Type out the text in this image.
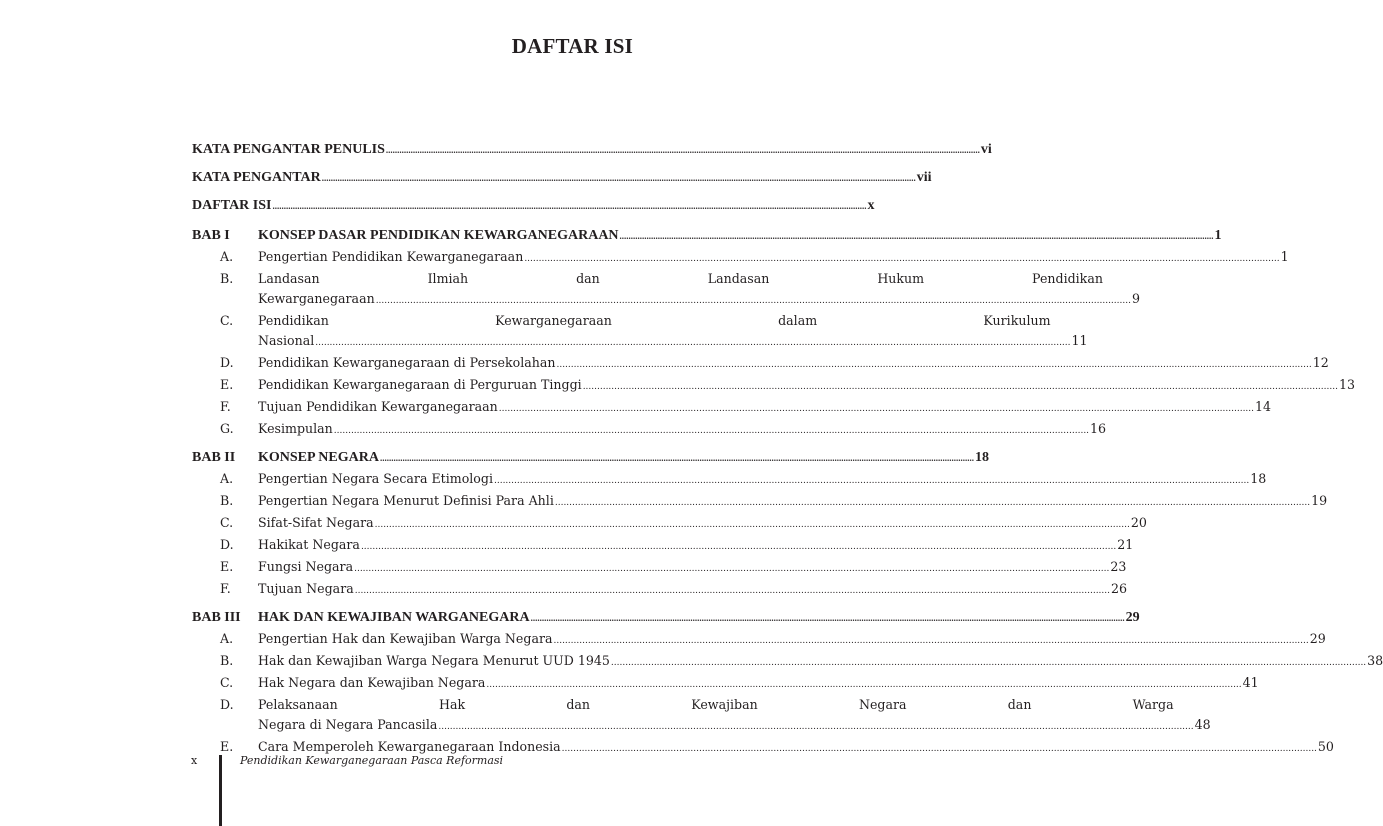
DAFTAR ISI
KATA PENGANTAR PENULIS .....	vi
KATA PENGANTAR .....	vii
DAFTAR ISI .....	x
BAB I	KONSEP DASAR PENDIDIKAN KEWARGANEGARAAN .....	1
A.	Pengertian Pendidikan Kewarganegaraan .....	1
B.	Landasan	Ilmiah	dan	Landasan	Hukum	Pendidikan
Kewarganegaraan .....	9
C.	Pendidikan	Kewarganegaraan	dalam	Kurikulum
Nasional .....	11
D.	Pendidikan Kewarganegaraan di Persekolahan .....	12
E.	Pendidikan Kewarganegaraan di Perguruan Tinggi .....	13
F.	Tujuan Pendidikan Kewarganegaraan .....	14
G.	Kesimpulan .....	16
BAB II	KONSEP NEGARA .....	18
A.	Pengertian Negara Secara Etimologi .....	18
B.	Pengertian Negara Menurut Definisi Para Ahli .....	19
C.	Sifat-Sifat Negara .....	20
D.	Hakikat Negara .....	21
E.	Fungsi Negara .....	23
F.	Tujuan Negara .....	26
BAB III	HAK DAN KEWAJIBAN WARGANEGARA .....	29
A.	Pengertian Hak dan Kewajiban Warga Negara .....	29
B.	Hak dan Kewajiban Warga Negara Menurut UUD 1945 .....	38
C.	Hak Negara dan Kewajiban Negara .....	41
D.	Pelaksanaan	Hak	dan	Kewajiban	Negara	dan	Warga
Negara di Negara Pancasila .....	48
E.	Cara Memperoleh Kewarganegaraan Indonesia .....	50
x	Pendidikan Kewarganegaraan Pasca Reformasi
